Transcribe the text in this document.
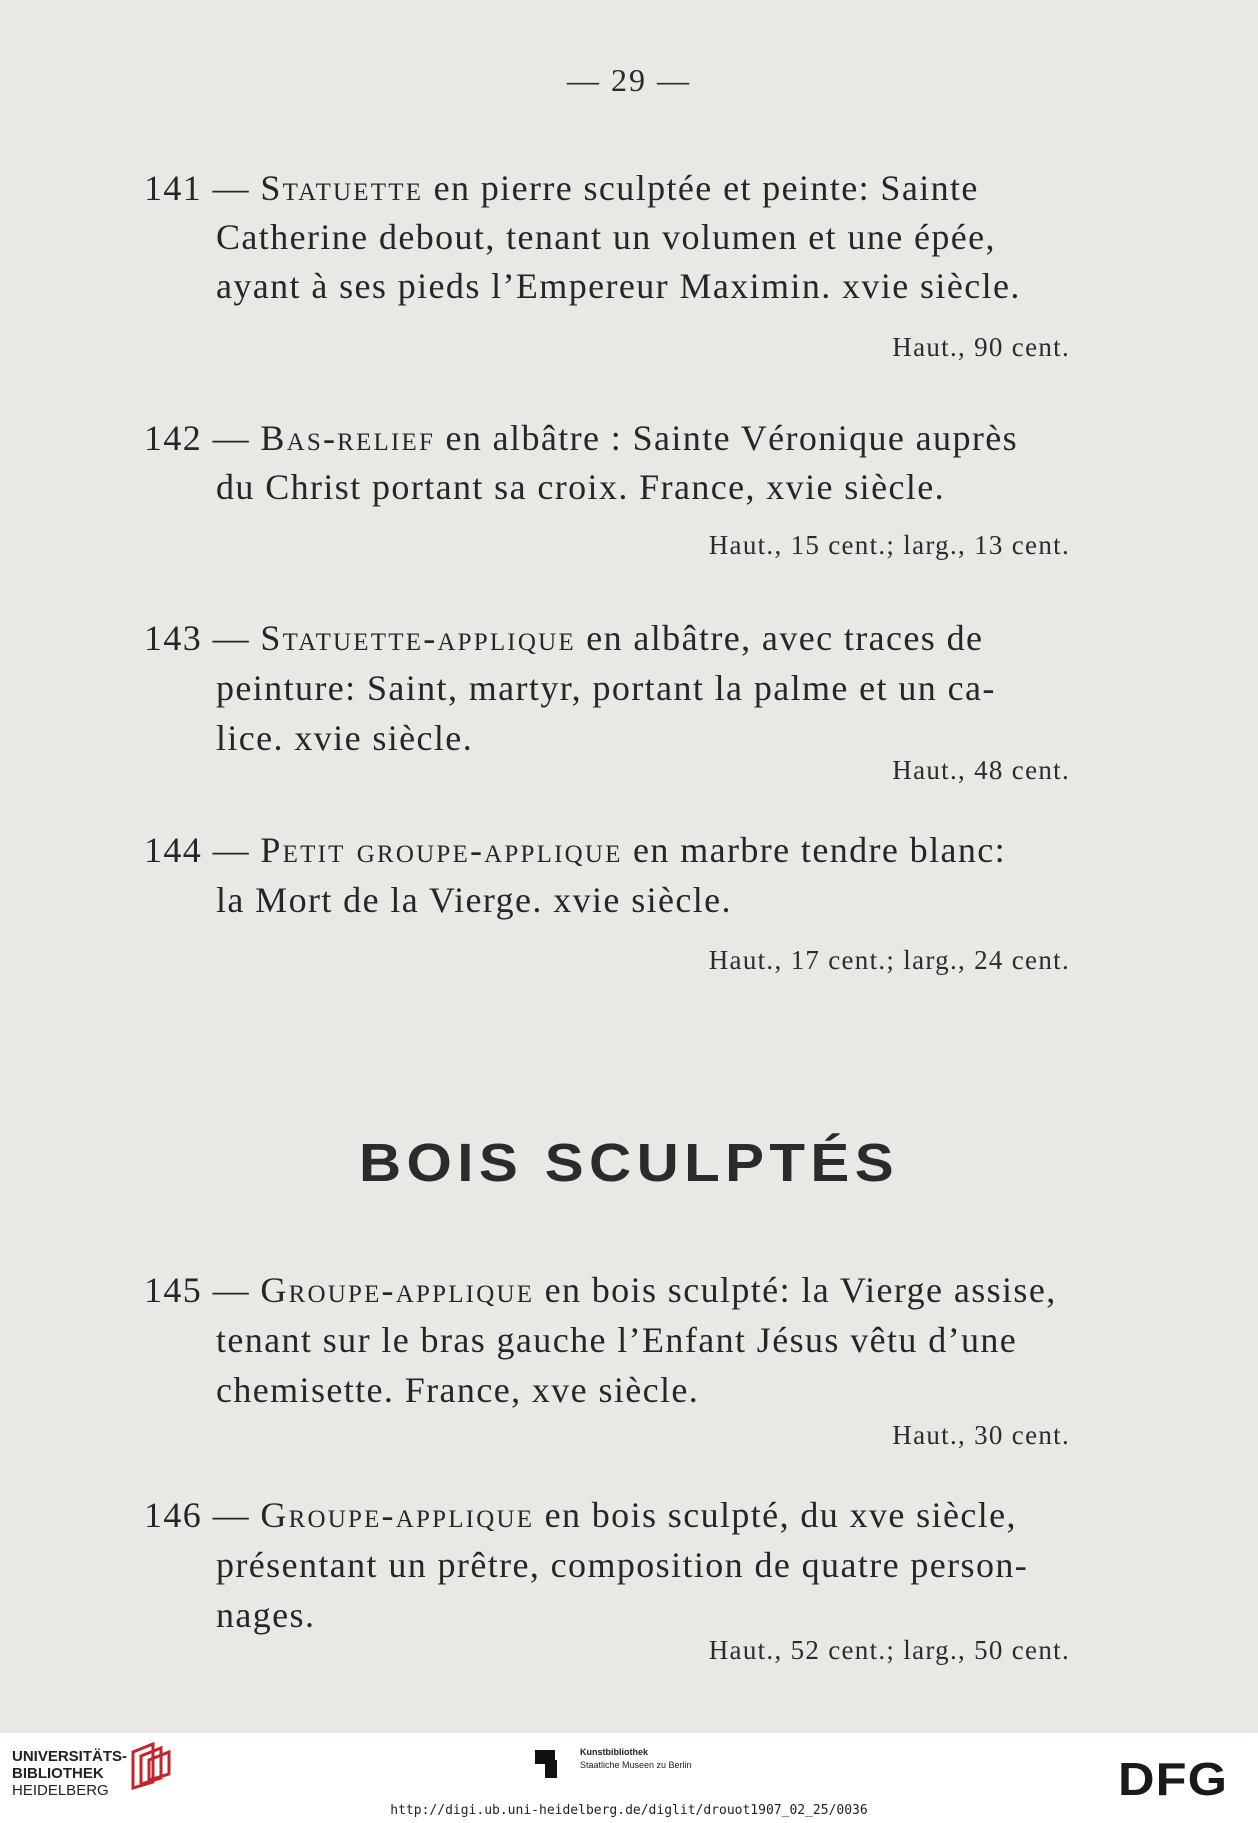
— 29 —
141 — Statuette en pierre sculptée et peinte: Sainte
Catherine debout, tenant un volumen et une épée,
ayant à ses pieds l’Empereur Maximin. xvie siècle.
Haut., 90 cent.
142 — Bas-relief en albâtre : Sainte Véronique auprès
du Christ portant sa croix. France, xvie siècle.
Haut., 15 cent.; larg., 13 cent.
143 — Statuette-applique en albâtre, avec traces de
peinture: Saint, martyr, portant la palme et un ca-
lice. xvie siècle.
Haut., 48 cent.
144 — Petit groupe-applique en marbre tendre blanc:
la Mort de la Vierge. xvie siècle.
Haut., 17 cent.; larg., 24 cent.
BOIS SCULPTÉS
145 — Groupe-applique en bois sculpté: la Vierge assise,
tenant sur le bras gauche l’Enfant Jésus vêtu d’une
chemisette. France, xve siècle.
Haut., 30 cent.
146 — Groupe-applique en bois sculpté, du xve siècle,
présentant un prêtre, composition de quatre person-
nages.
Haut., 52 cent.; larg., 50 cent.
UNIVERSITÄTS-
BIBLIOTHEK
HEIDELBERG
Kunstbibliothek
Staatliche Museen zu Berlin	DFG
http://digi.ub.uni-heidelberg.de/diglit/drouot1907_02_25/0036
